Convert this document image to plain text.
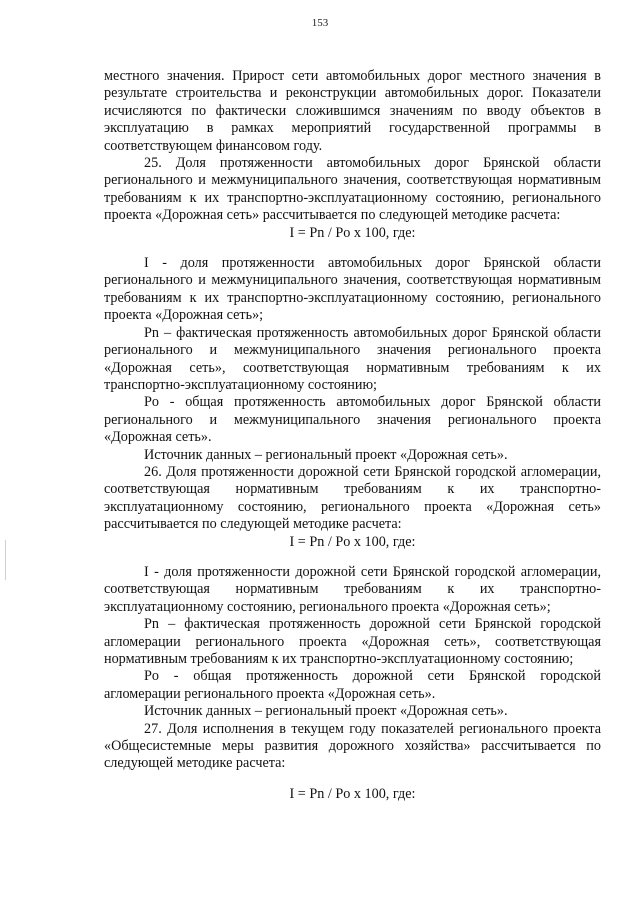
153

местного значения. Прирост сети автомобильных дорог местного значения в результате строительства и реконструкции автомобильных дорог. Показатели исчисляются по фактически сложившимся значениям по вводу объектов в эксплуатацию в рамках мероприятий государственной программы в соответствующем финансовом году.

25. Доля протяженности автомобильных дорог Брянской области регионального и межмуниципального значения, соответствующая нормативным требованиям к их транспортно-эксплуатационному состоянию, регионального проекта «Дорожная сеть» рассчитывается по следующей методике расчета:

I = Pn / Po x 100, где:

I - доля протяженности автомобильных дорог Брянской области регионального и межмуниципального значения, соответствующая нормативным требованиям к их транспортно-эксплуатационному состоянию, регионального проекта «Дорожная сеть»;

Pn – фактическая протяженность автомобильных дорог Брянской области регионального и межмуниципального значения регионального проекта «Дорожная сеть», соответствующая нормативным требованиям к их транспортно-эксплуатационному состоянию;

Po - общая протяженность автомобильных дорог Брянской области регионального и межмуниципального значения регионального проекта «Дорожная сеть».

Источник данных – региональный проект «Дорожная сеть».

26. Доля протяженности дорожной сети Брянской городской агломерации, соответствующая нормативным требованиям к их транспортно-эксплуатационному состоянию, регионального проекта «Дорожная сеть» рассчитывается по следующей методике расчета:

I = Pn / Po x 100, где:

I - доля протяженности дорожной сети Брянской городской агломерации, соответствующая нормативным требованиям к их транспортно-эксплуатационному состоянию, регионального проекта «Дорожная сеть»;

Pn – фактическая протяженность дорожной сети Брянской городской агломерации регионального проекта «Дорожная сеть», соответствующая нормативным требованиям к их транспортно-эксплуатационному состоянию;

Po - общая протяженность дорожной сети Брянской городской агломерации регионального проекта «Дорожная сеть».

Источник данных – региональный проект «Дорожная сеть».

27. Доля исполнения в текущем году показателей регионального проекта «Общесистемные меры развития дорожного хозяйства» рассчитывается по следующей методике расчета:

I = Pn / Po x 100, где:
